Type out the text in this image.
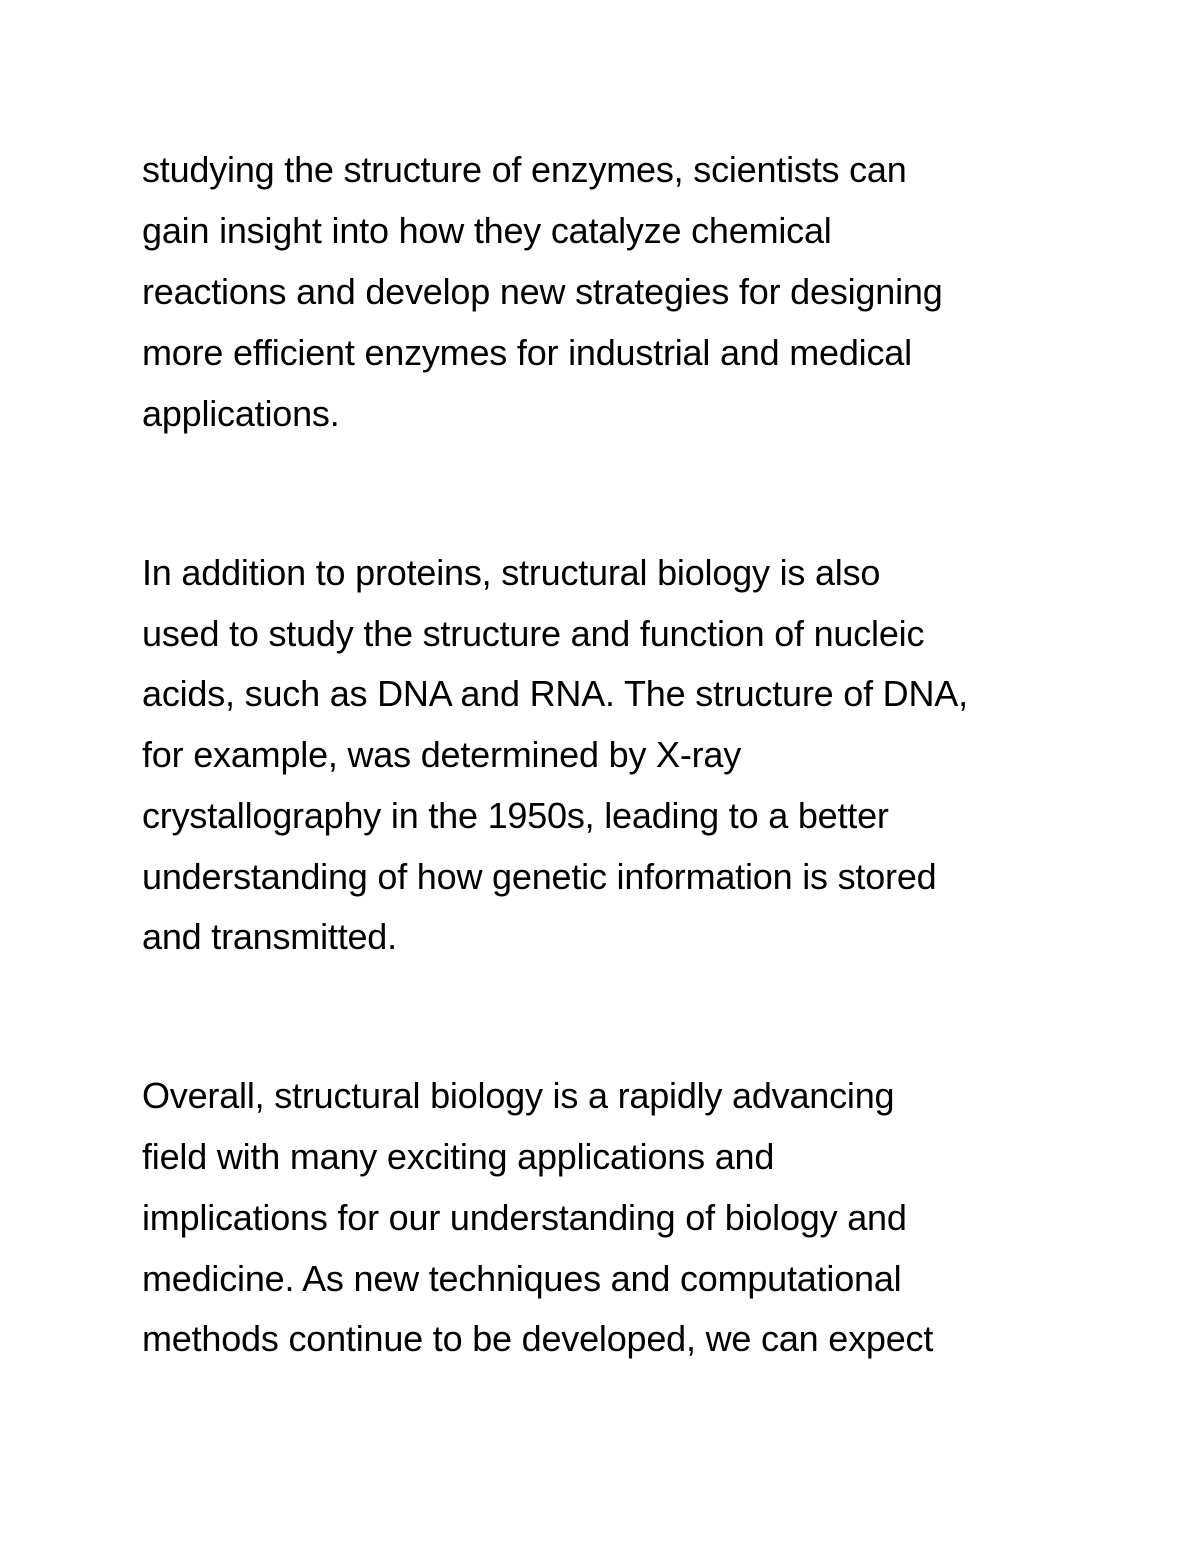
studying the structure of enzymes, scientists can

gain insight into how they catalyze chemical

reactions and develop new strategies for designing

more efficient enzymes for industrial and medical

applications.

In addition to proteins, structural biology is also

used to study the structure and function of nucleic

acids, such as DNA and RNA. The structure of DNA,

for example, was determined by X-ray

crystallography in the 1950s, leading to a better

understanding of how genetic information is stored

and transmitted.

Overall, structural biology is a rapidly advancing

field with many exciting applications and

implications for our understanding of biology and

medicine. As new techniques and computational

methods continue to be developed, we can expect
